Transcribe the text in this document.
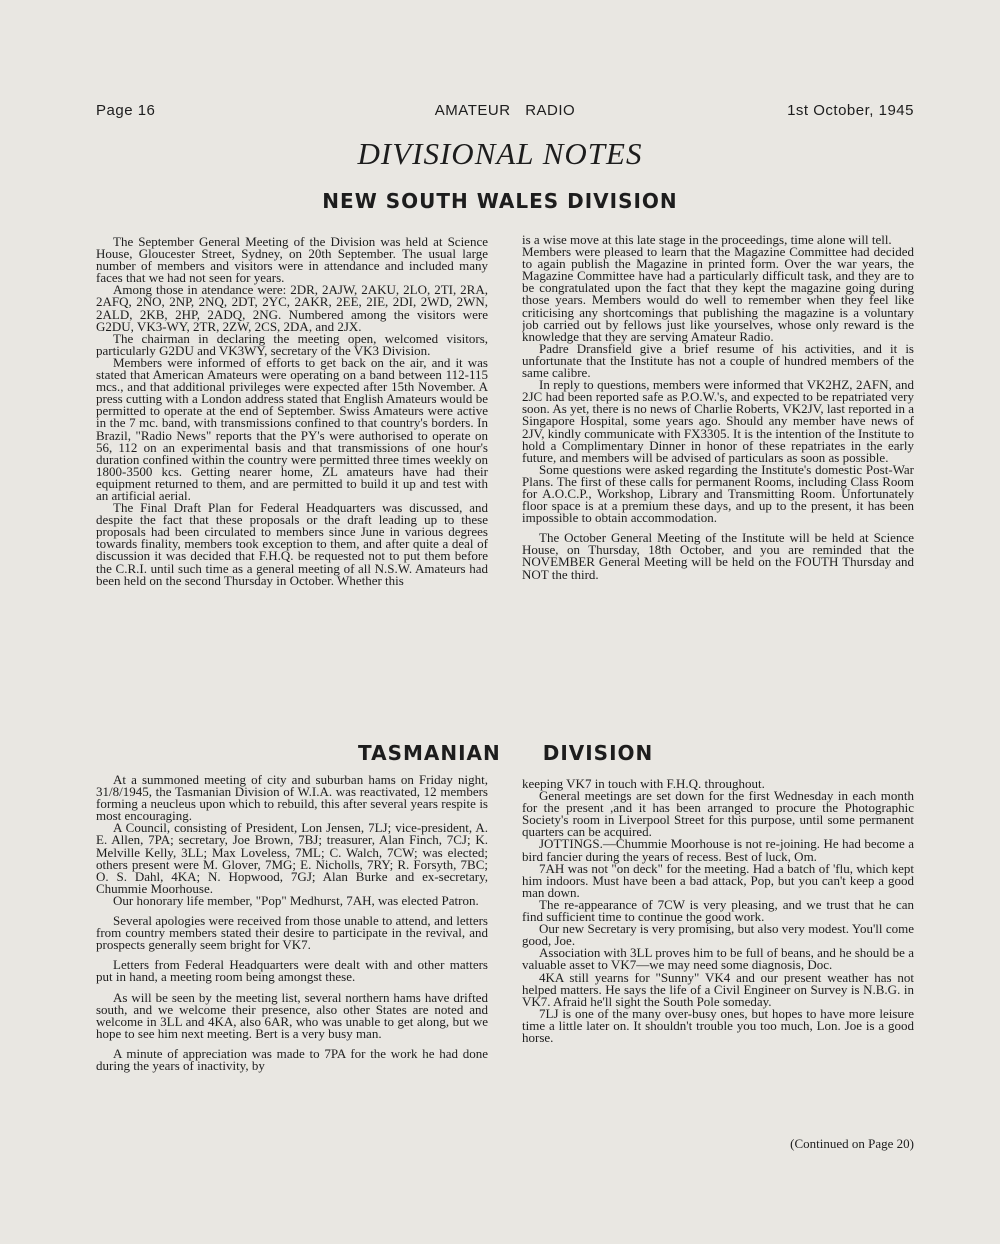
Page 16	AMATEUR RADIO	1st October, 1945
DIVISIONAL NOTES
NEW SOUTH WALES DIVISION

The September General Meeting of the Division was held at Science House, Gloucester Street, Sydney, on 20th September. The usual large number of members and visitors were in attendance and included many faces that we had not seen for years.

Among those in atendance were: 2DR, 2AJW, 2AKU, 2LO, 2TI, 2RA, 2AFQ, 2NO, 2NP, 2NQ, 2DT, 2YC, 2AKR, 2EE, 2IE, 2DI, 2WD, 2WN, 2ALD, 2KB, 2HP, 2ADQ, 2NG. Numbered among the visitors were G2DU, VK3-WY, 2TR, 2ZW, 2CS, 2DA, and 2JX.

The chairman in declaring the meeting open, welcomed visitors, particularly G2DU and VK3WY, secretary of the VK3 Division.

Members were informed of efforts to get back on the air, and it was stated that American Amateurs were operating on a band between 112-115 mcs., and that additional privileges were expected after 15th November. A press cutting with a London address stated that English Amateurs would be permitted to operate at the end of September. Swiss Amateurs were active in the 7 mc. band, with transmissions confined to that country's borders. In Brazil, "Radio News" reports that the PY's were authorised to operate on 56, 112 on an experimental basis and that transmissions of one hour's duration confined within the country were permitted three times weekly on 1800-3500 kcs. Getting nearer home, ZL amateurs have had their equipment returned to them, and are permitted to build it up and test with an artificial aerial.

The Final Draft Plan for Federal Headquarters was discussed, and despite the fact that these proposals or the draft leading up to these proposals had been circulated to members since June in various degrees towards finality, members took exception to them, and after quite a deal of discussion it was decided that F.H.Q. be requested not to put them before the C.R.I. until such time as a general meeting of all N.S.W. Amateurs had been held on the second Thursday in October. Whether this

is a wise move at this late stage in the proceedings, time alone will tell.

Members were pleased to learn that the Magazine Committee had decided to again publish the Magazine in printed form. Over the war years, the Magazine Committee have had a particularly difficult task, and they are to be congratulated upon the fact that they kept the magazine going during those years. Members would do well to remember when they feel like criticising any shortcomings that publishing the magazine is a voluntary job carried out by fellows just like yourselves, whose only reward is the knowledge that they are serving Amateur Radio.

Padre Dransfield give a brief resume of his activities, and it is unfortunate that the Institute has not a couple of hundred members of the same calibre.

In reply to questions, members were informed that VK2HZ, 2AFN, and 2JC had been reported safe as P.O.W.'s, and expected to be repatriated very soon. As yet, there is no news of Charlie Roberts, VK2JV, last reported in a Singapore Hospital, some years ago. Should any member have news of 2JV, kindly communicate with FX3305. It is the intention of the Institute to hold a Complimentary Dinner in honor of these repatriates in the early future, and members will be advised of particulars as soon as possible.

Some questions were asked regarding the Institute's domestic Post-War Plans. The first of these calls for permanent Rooms, including Class Room for A.O.C.P., Workshop, Library and Transmitting Room. Unfortunately floor space is at a premium these days, and up to the present, it has been impossible to obtain accommodation.

The October General Meeting of the Institute will be held at Science House, on Thursday, 18th October, and you are reminded that the NOVEMBER General Meeting will be held on the FOUTH Thursday and NOT the third.

TASMANIAN DIVISION

At a summoned meeting of city and suburban hams on Friday night, 31/8/1945, the Tasmanian Division of W.I.A. was reactivated, 12 members forming a neucleus upon which to rebuild, this after several years respite is most encouraging.

A Council, consisting of President, Lon Jensen, 7LJ; vice-president, A. E. Allen, 7PA; secretary, Joe Brown, 7BJ; treasurer, Alan Finch, 7CJ; K. Melville Kelly, 3LL; Max Loveless, 7ML; C. Walch, 7CW; was elected; others present were M. Glover, 7MG; E. Nicholls, 7RY; R. Forsyth, 7BC; O. S. Dahl, 4KA; N. Hopwood, 7GJ; Alan Burke and ex-secretary, Chummie Moorhouse.

Our honorary life member, "Pop" Medhurst, 7AH, was elected Patron.

Several apologies were received from those unable to attend, and letters from country members stated their desire to participate in the revival, and prospects generally seem bright for VK7.

Letters from Federal Headquarters were dealt with and other matters put in hand, a meeting room being amongst these.

As will be seen by the meeting list, several northern hams have drifted south, and we welcome their presence, also other States are noted and welcome in 3LL and 4KA, also 6AR, who was unable to get along, but we hope to see him next meeting. Bert is a very busy man.

A minute of appreciation was made to 7PA for the work he had done during the years of inactivity, by

keeping VK7 in touch with F.H.Q. throughout.

General meetings are set down for the first Wednesday in each month for the present ,and it has been arranged to procure the Photographic Society's room in Liverpool Street for this purpose, until some permanent quarters can be acquired.

JOTTINGS.—Chummie Moorhouse is not re-joining. He had become a bird fancier during the years of recess. Best of luck, Om.

7AH was not "on deck" for the meeting. Had a batch of 'flu, which kept him indoors. Must have been a bad attack, Pop, but you can't keep a good man down.

The re-appearance of 7CW is very pleasing, and we trust that he can find sufficient time to continue the good work.

Our new Secretary is very promising, but also very modest. You'll come good, Joe.

Association with 3LL proves him to be full of beans, and he should be a valuable asset to VK7—we may need some diagnosis, Doc.

4KA still yearns for "Sunny" VK4 and our present weather has not helped matters. He says the life of a Civil Engineer on Survey is N.B.G. in VK7. Afraid he'll sight the South Pole someday.

7LJ is one of the many over-busy ones, but hopes to have more leisure time a little later on. It shouldn't trouble you too much, Lon. Joe is a good horse.

(Continued on Page 20)
